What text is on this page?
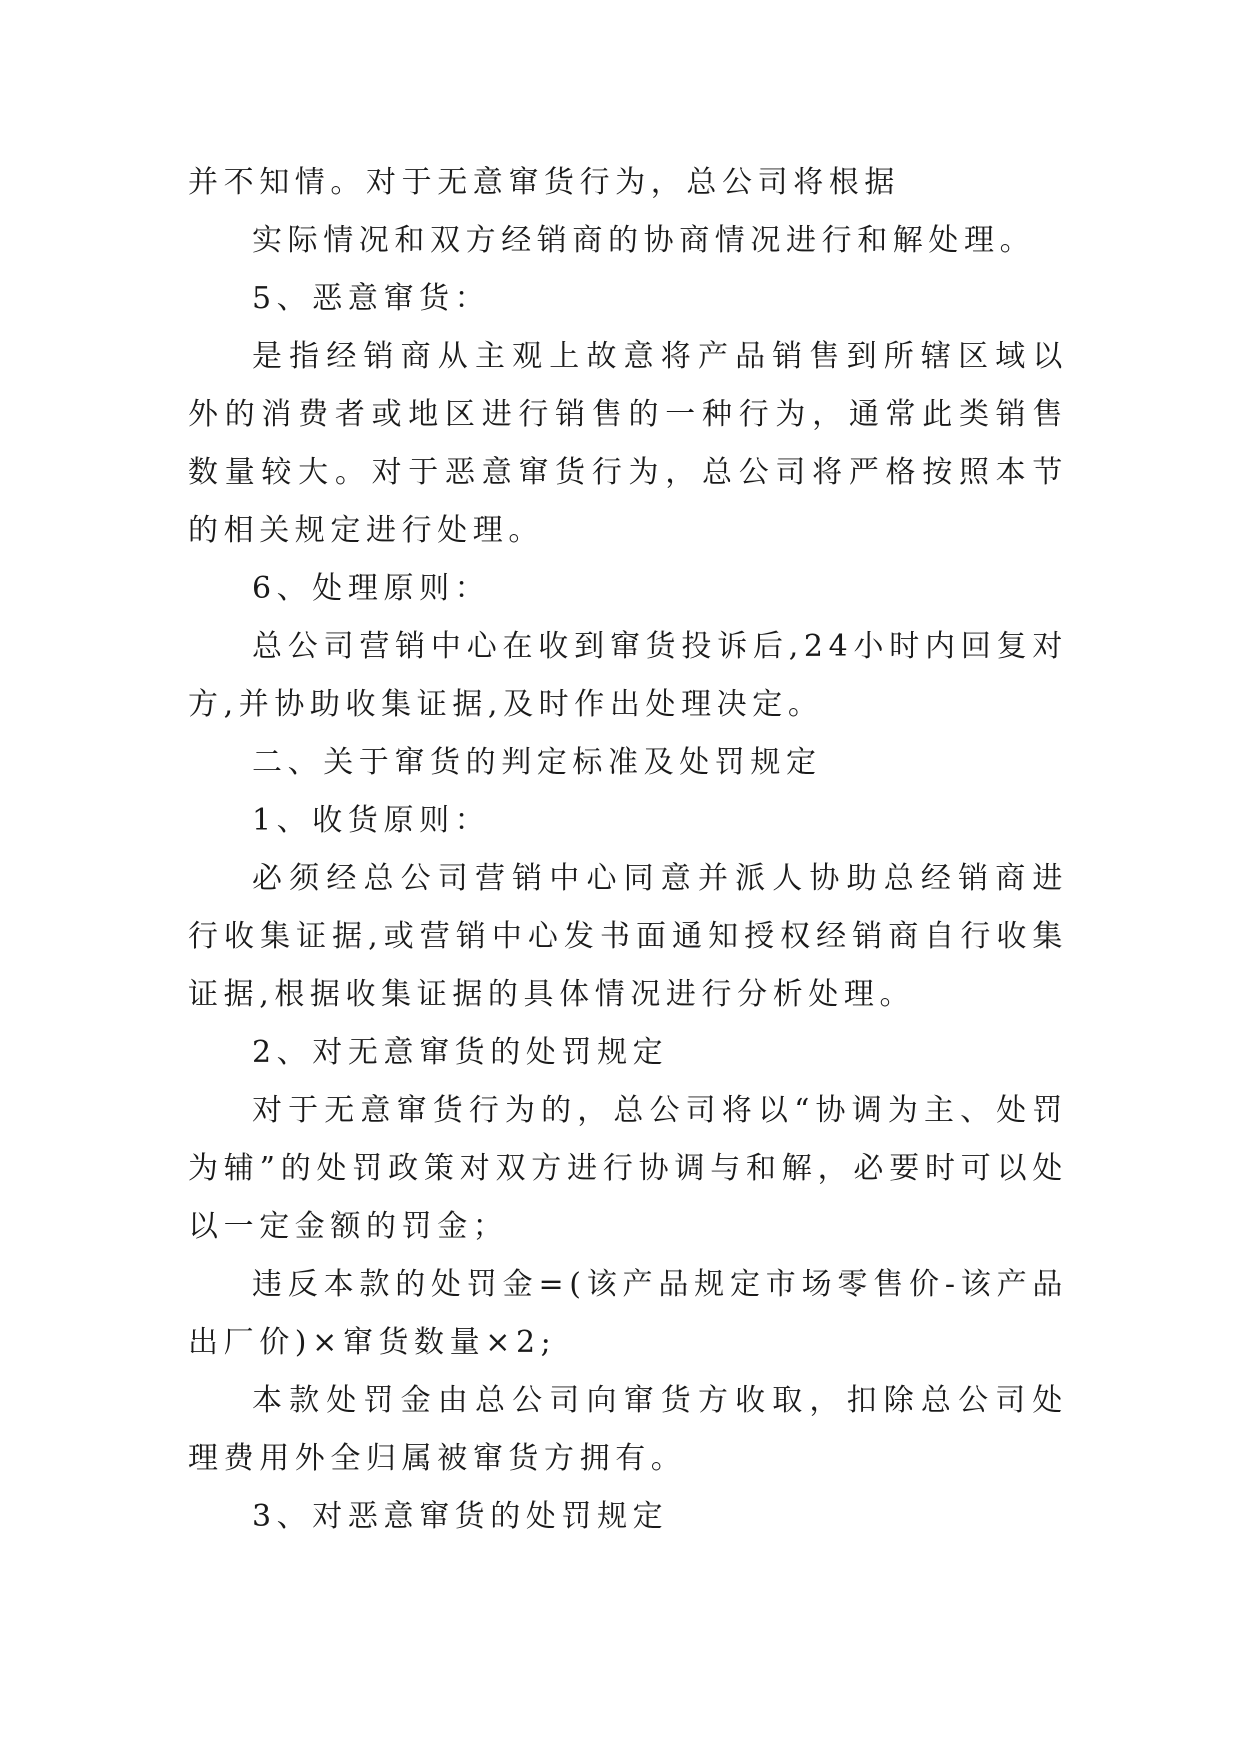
并不知情。对于无意窜货行为，总公司将根据

实际情况和双方经销商的协商情况进行和解处理。

5、恶意窜货：

是指经销商从主观上故意将产品销售到所辖区域以外的消费者或地区进行销售的一种行为，通常此类销售数量较大。对于恶意窜货行为，总公司将严格按照本节的相关规定进行处理。

6、处理原则：

总公司营销中心在收到窜货投诉后,24小时内回复对方,并协助收集证据,及时作出处理决定。

二、关于窜货的判定标准及处罚规定

1、收货原则：

必须经总公司营销中心同意并派人协助总经销商进行收集证据,或营销中心发书面通知授权经销商自行收集证据,根据收集证据的具体情况进行分析处理。

2、对无意窜货的处罚规定

对于无意窜货行为的，总公司将以“协调为主、处罚为辅”的处罚政策对双方进行协调与和解，必要时可以处以一定金额的罚金；

违反本款的处罚金=(该产品规定市场零售价-该产品出厂价)×窜货数量×2;

本款处罚金由总公司向窜货方收取，扣除总公司处理费用外全归属被窜货方拥有。

3、对恶意窜货的处罚规定
